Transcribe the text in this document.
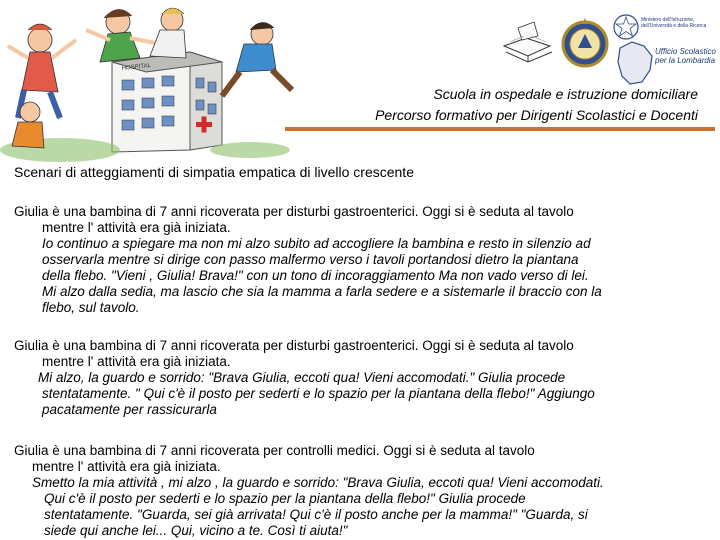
HOSPITAL
Ministero dell'Istruzione, dell'Università e della Ricerca
Ufficio Scolastico per la Lombardia
Scuola in ospedale e istruzione domiciliare
Percorso formativo per Dirigenti Scolastici e Docenti
Scenari di atteggiamenti di simpatia empatica di livello crescente

Giulia è una bambina di 7 anni ricoverata per disturbi gastroenterici. Oggi si è seduta al tavolo

mentre l' attività era già iniziata.

Io continuo a spiegare ma non mi alzo subito ad accogliere la bambina e resto in silenzio ad

osservarla mentre si dirige con passo malfermo verso i tavoli portandosi dietro la piantana

della flebo. "Vieni , Giulia! Brava!" con un tono di incoraggiamento Ma non vado verso di lei.

Mi alzo dalla sedia, ma lascio che sia la mamma a farla sedere e a sistemarle il braccio con la

flebo, sul tavolo.

Giulia è una bambina di 7 anni ricoverata per disturbi gastroenterici. Oggi si è seduta al tavolo

mentre l' attività era già iniziata.

Mi alzo, la guardo e sorrido: "Brava Giulia, eccoti qua! Vieni accomodati." Giulia procede

stentatamente. " Qui c'è il posto per sederti e lo spazio per la piantana della flebo!" Aggiungo

pacatamente per rassicurarla

Giulia è una bambina di 7 anni ricoverata per controlli medici. Oggi si è seduta al tavolo

mentre l' attività era già iniziata.

Smetto la mia attività , mi alzo , la guardo e sorrido: "Brava Giulia, eccoti qua! Vieni accomodati.

Qui c'è il posto per sederti e lo spazio per la piantana della flebo!" Giulia procede

stentatamente. "Guarda, sei già arrivata! Qui c'è il posto anche per la mamma!" "Guarda, si

siede qui anche lei... Qui, vicino a te. Così ti aiuta!"
